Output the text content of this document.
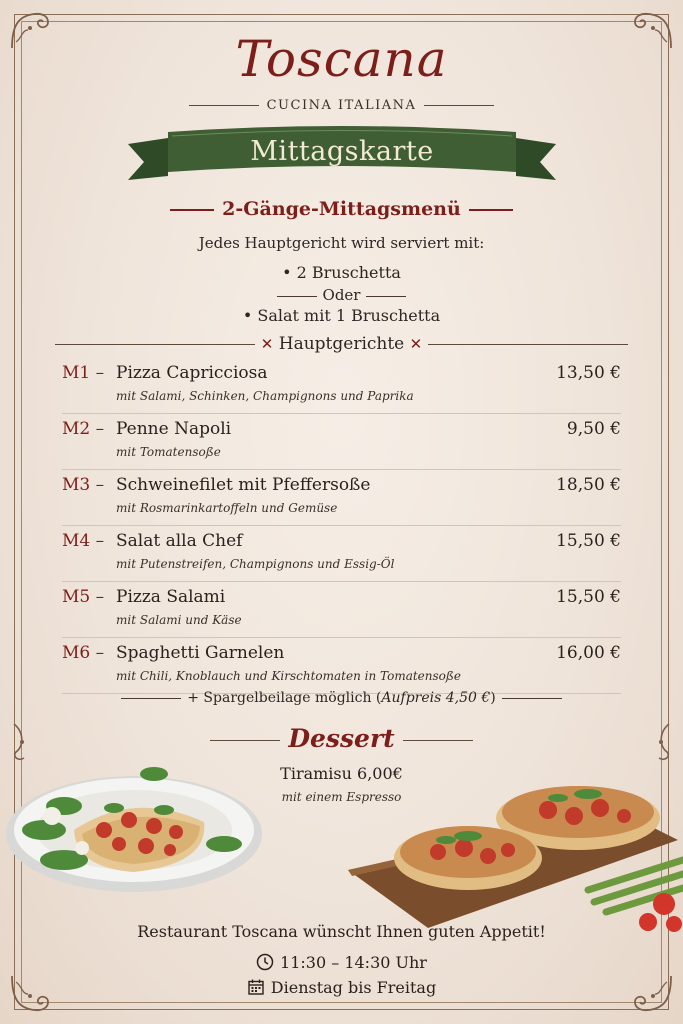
Toscana
CUCINA ITALIANA
Mittagskarte
2-Gänge-Mittagsmenü
Jedes Hauptgericht wird serviert mit:
• 2 Bruschetta
Oder
• Salat mit 1 Bruschetta
✕ Hauptgerichte ✕
M1 – Pizza Capricciosa	13,50 €
mit Salami, Schinken, Champignons und Paprika
M2 – Penne Napoli	9,50 €
mit Tomatensoße
M3 – Schweinefilet mit Pfeffersoße	18,50 €
mit Rosmarinkartoffeln und Gemüse
M4 – Salat alla Chef	15,50 €
mit Putenstreifen, Champignons und Essig-Öl
M5 – Pizza Salami	15,50 €
mit Salami und Käse
M6 – Spaghetti Garnelen	16,00 €
mit Chili, Knoblauch und Kirschtomaten in Tomatensoße
+ Spargelbeilage möglich (Aufpreis 4,50 €)
Dessert
Tiramisu 6,00€
mit einem Espresso
Restaurant Toscana wünscht Ihnen guten Appetit!
11:30 – 14:30 Uhr
Dienstag bis Freitag
